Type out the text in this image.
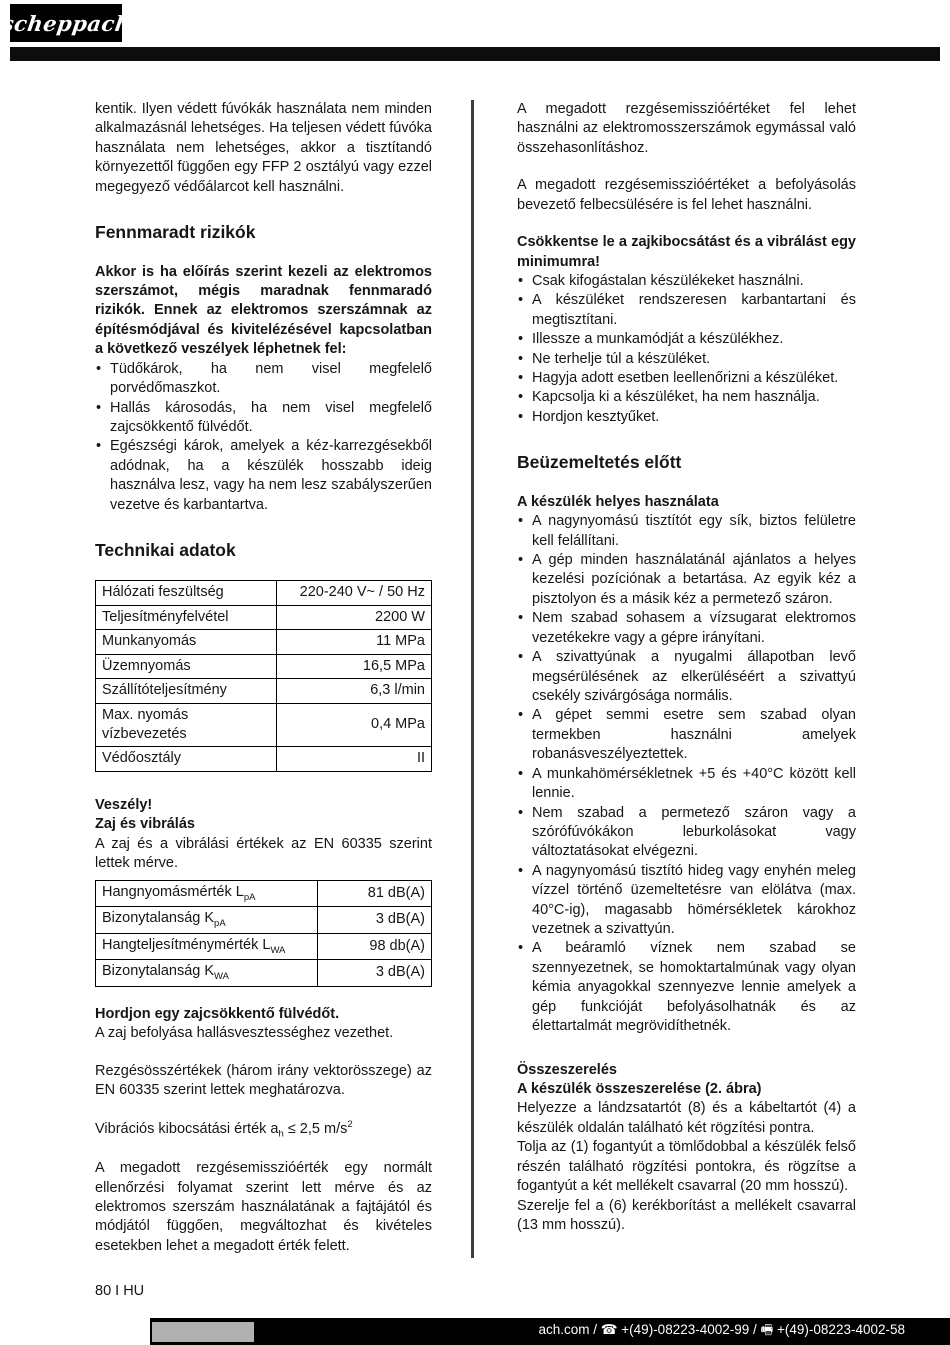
scheppach

kentik. Ilyen védett fúvókák használata nem minden alkalmazásnál lehetséges. Ha teljesen védett fúvóka használata nem lehetséges, akkor a tisztítandó környezettől függően egy FFP 2 osztályú vagy ezzel megegyező védőálarcot kell használni.

Fennmaradt rizikók

Akkor is ha előírás szerint kezeli az elektromos szerszámot, mégis maradnak fennmaradó rizikók. Ennek az elektromos szerszámnak az építésmódjával és kivitelézésével kapcsolatban a következő veszélyek léphetnek fel:

• Tüdőkárok, ha nem visel megfelelő porvédőmaszkot.
• Hallás károsodás, ha nem visel megfelelő zajcsökkentő fülvédőt.
• Egészségi károk, amelyek a kéz-karrezgésekből adódnak, ha a készülék hosszabb ideig használva lesz, vagy ha nem lesz szabályszerűen vezetve és karbantartva.
Technikai adatok
Hálózati feszültség	220-240 V~ / 50 Hz
Teljesítményfelvétel	2200 W
Munkanyomás	11 MPa
Üzemnyomás	16,5 MPa
Szállítóteljesítmény	6,3 l/min
Max. nyomás vízbevezetés	0,4 MPa
Védőosztály	II

Veszély!

Zaj és vibrálás

A zaj és a vibrálási értékek az EN 60335 szerint lettek mérve.

Hangnyomásmérték $L_{pA}$	81 dB(A)
Bizonytalanság $K_{pA}$	3 dB(A)
Hangteljesítménymérték $L_{WA}$	98 db(A)
Bizonytalanság $K_{WA}$	3 dB(A)

Hordjon egy zajcsökkentő fülvédőt.

A zaj befolyása hallásvesztességhez vezethet.

Rezgésösszértékek (három irány vektorösszege) az EN 60335 szerint lettek meghatározva.

Vibrációs kibocsátási érték $a_h \le 2,5$ $m/s^2$

A megadott rezgésemisszióérték egy normált ellenőrzési folyamat szerint lett mérve és az elektromos szerszám használatának a fajtájától és módjától függően, megváltozhat és kivételes esetekben lehet a megadott érték felett.

A megadott rezgésemisszióértéket fel lehet használni az elektromosszerszámok egymással való összehasonlításhoz.

A megadott rezgésemisszióértéket a befolyásolás bevezető felbecsülésére is fel lehet használni.

Csökkentse le a zajkibocsátást és a vibrálást egy minimumra!

• Csak kifogástalan készülékeket használni.
• A készüléket rendszeresen karbantartani és megtisztítani.
• Illessze a munkamódját a készülékhez.
• Ne terhelje túl a készüléket.
• Hagyja adott esetben leellenőrizni a készüléket.
• Kapcsolja ki a készüléket, ha nem használja.
• Hordjon kesztyűket.
Beüzemeltetés előtt

A készülék helyes használata

• A nagynyomású tisztítót egy sík, biztos felületre kell felállítani.
• A gép minden használatánál ajánlatos a helyes kezelési pozíciónak a betartása. Az egyik kéz a pisztolyon és a másik kéz a permetező száron.
• Nem szabad sohasem a vízsugarat elektromos vezetékekre vagy a gépre irányítani.
• A szivattyúnak a nyugalmi állapotban levő megsérülésének az elkerüléséért a szivattyú csekély szivárgósága normális.
• A gépet semmi esetre sem szabad olyan termekben használni amelyek robanásveszélyeztettek.
• A munkahömérsékletnek +5 és +40°C között kell lennie.
• Nem szabad a permetező száron vagy a szórófúvókákon leburkolásokat vagy változtatásokat elvégezni.
• A nagynyomású tisztító hideg vagy enyhén meleg vízzel történő üzemeltetésre van elölátva (max. 40°C-ig), magasabb hömérsékletek károkhoz vezetnek a szivattyún.
• A beáramló víznek nem szabad se szennyezetnek, se homoktartalmúnak vagy olyan kémia anyagokkal szennyezve lennie amelyek a gép funkcióját befolyásolhatnák és az élettartalmát megrövidíthetnék.

Összeszerelés

A készülék összeszerelése (2. ábra)

Helyezze a lándzsatartót (8) és a kábeltartót (4) a készülék oldalán található két rögzítési pontra.

Tolja az (1) fogantyút a tömlődobbal a készülék felső részén található rögzítési pontokra, és rögzítse a fogantyút a két mellékelt csavarral (20 mm hosszú).

Szerelje fel a (6) kerékborítást a mellékelt csavarral (13 mm hosszú).

80 I HU
ach.com / ☎ +(49)-08223-4002-99 / 🖷 +(49)-08223-4002-58
